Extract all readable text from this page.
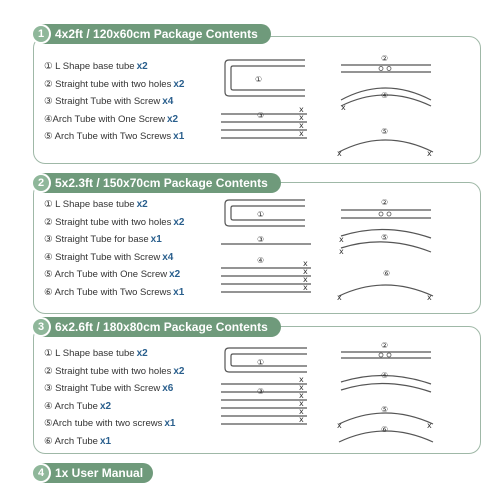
4x2ft / 120x60cm Package Contents
1
① L Shape base tube x2
② Straight tube with two holes x2
③ Straight Tube with Screw x4
④Arch Tube with One Screw x2
⑤ Arch Tube with Two Screws x1
x
x
x
x
x
x	x
①
②
③
④
⑤
5x2.3ft / 150x70cm Package Contents
2
① L Shape base tube x2
② Straight tube with two holes x2
③ Straight Tube for base x1
④ Straight Tube with Screw x4
⑤ Arch Tube with One Screw x2
⑥ Arch Tube with Two Screws x1
x
x
x
x
x
x
x	x
①
②
③
④
⑤
⑥
6x2.6ft / 180x80cm Package Contents
3
① L Shape base tube x2
② Straight tube with two holes x2
③ Straight Tube with Screw x6
④ Arch Tube x2
⑤Arch tube with two screws x1
⑥ Arch Tube x1
x
x
x
x
x
x
x	x
①
②
③
④
⑤
⑥
1x User Manual
4
